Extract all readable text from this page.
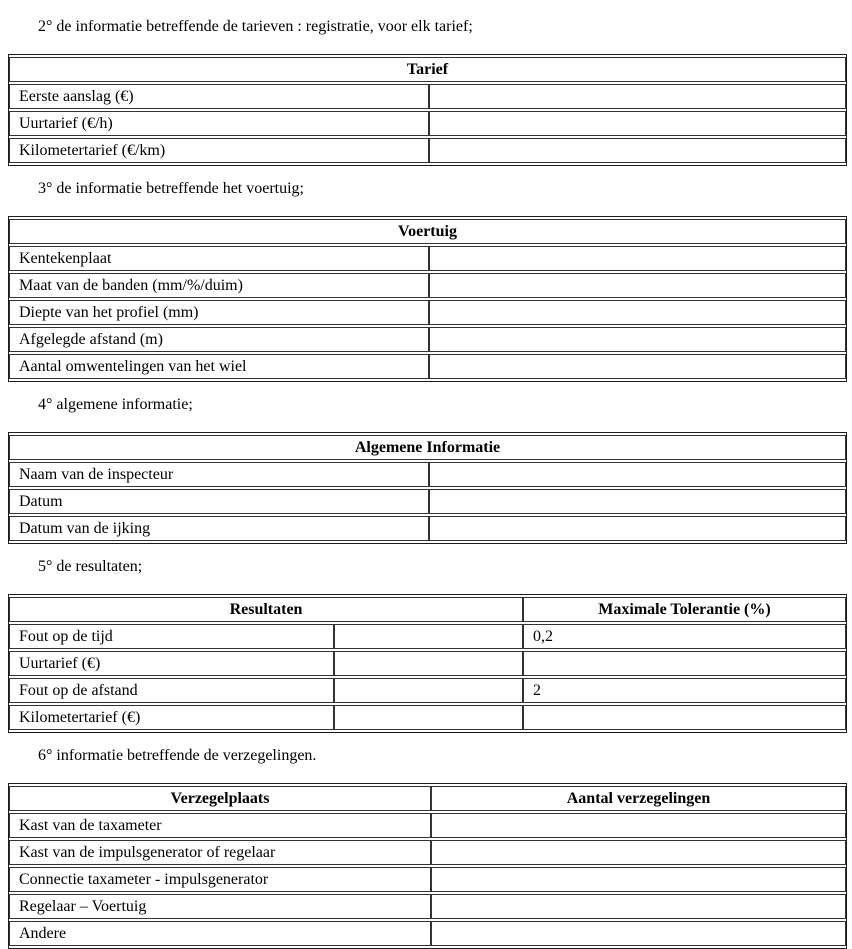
2° de informatie betreffende de tarieven : registratie, voor elk tarief;

Tarief	
Eerste aanslag (€)	
Uurtarief (€/h)	
Kilometertarief (€/km)	

3° de informatie betreffende het voertuig;

Voertuig	
Kentekenplaat	
Maat van de banden (mm/%/duim)	
Diepte van het profiel (mm)	
Afgelegde afstand (m)	
Aantal omwentelingen van het wiel	

4° algemene informatie;

Algemene Informatie	
Naam van de inspecteur	
Datum	
Datum van de ijking	

5° de resultaten;

Resultaten		Maximale Tolerantie (%)
Fout op de tijd		0,2
Uurtarief (€)		
Fout op de afstand		2
Kilometertarief (€)		

6° informatie betreffende de verzegelingen.

Verzegelplaats	Aantal verzegelingen
Kast van de taxameter	
Kast van de impulsgenerator of regelaar	
Connectie taxameter - impulsgenerator	
Regelaar – Voertuig	
Andere	
